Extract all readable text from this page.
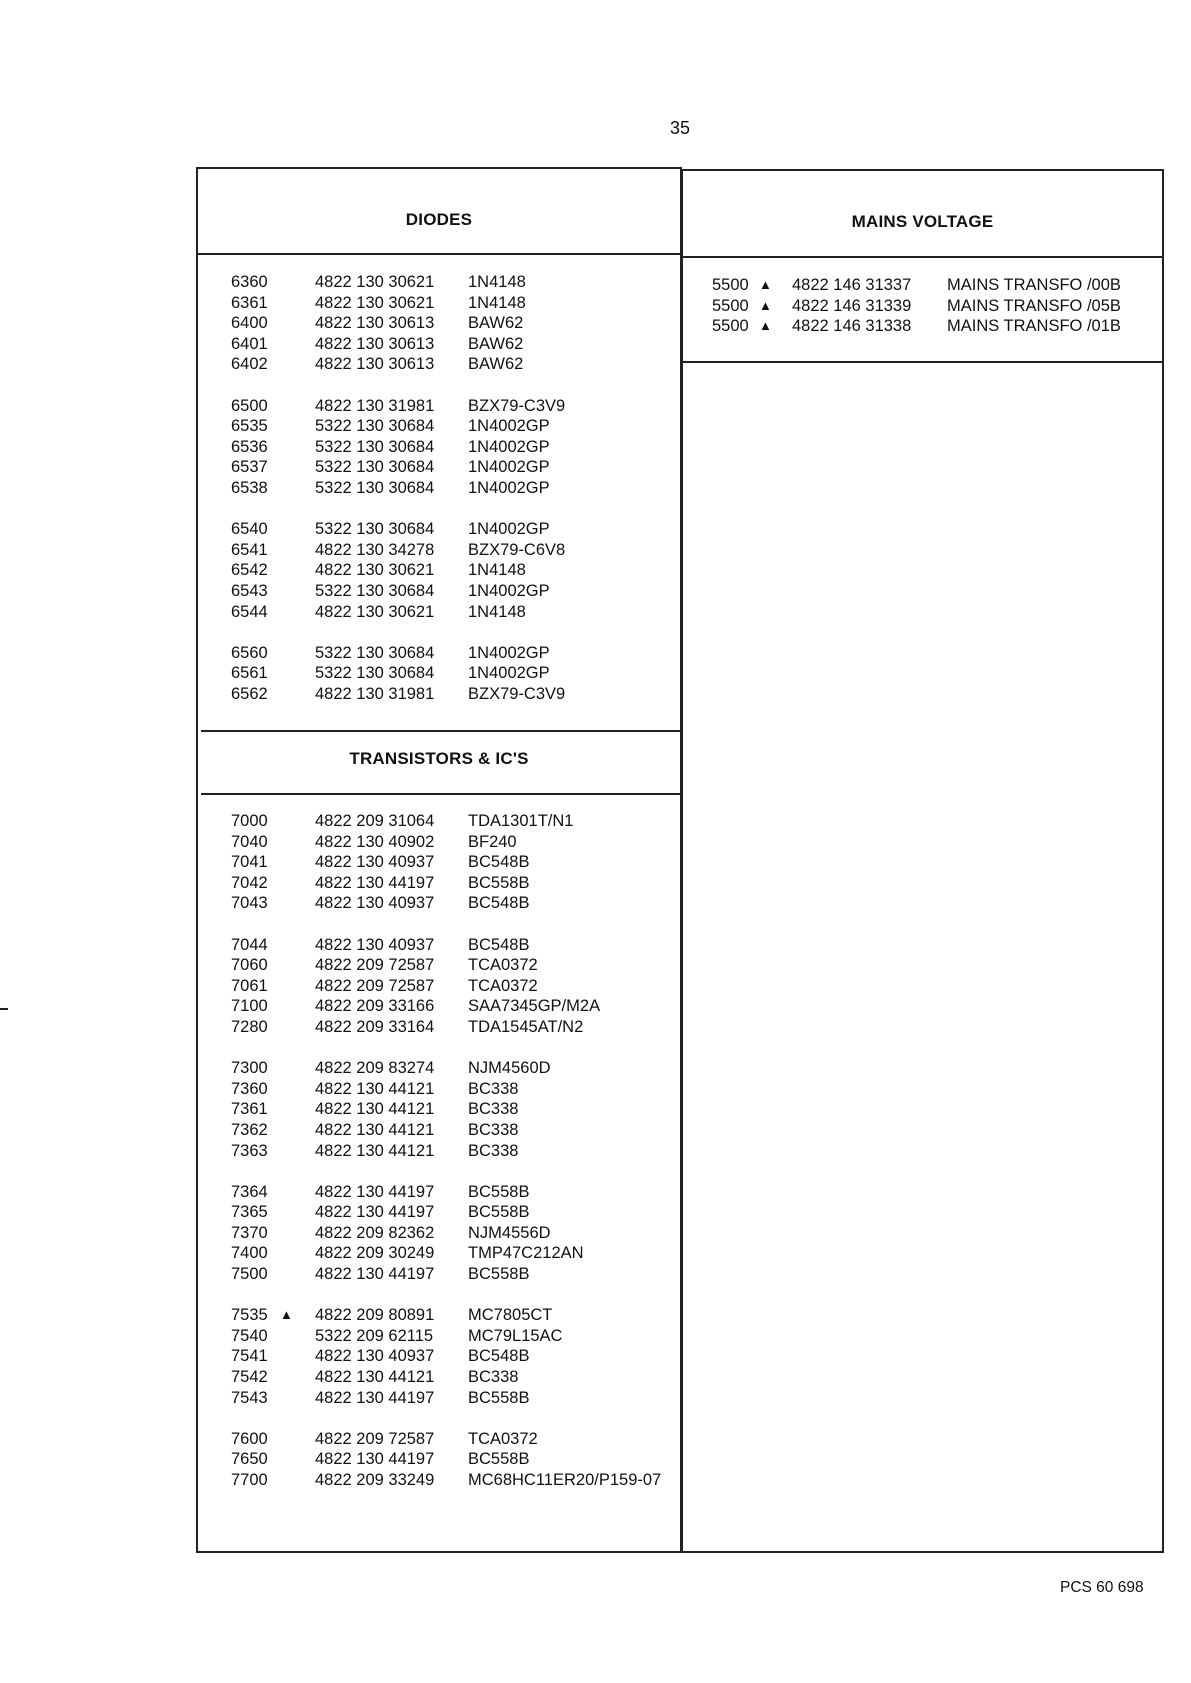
35
DIODES
6360	4822 130 30621 1N4148
6361	4822 130 30621 1N4148
6400	4822 130 30613 BAW62
6401	4822 130 30613 BAW62
6402	4822 130 30613 BAW62
6500	4822 130 31981 BZX79-C3V9
6535	5322 130 30684 1N4002GP
6536	5322 130 30684 1N4002GP
6537	5322 130 30684 1N4002GP
6538	5322 130 30684 1N4002GP
6540	5322 130 30684 1N4002GP
6541	4822 130 34278 BZX79-C6V8
6542	4822 130 30621 1N4148
6543	5322 130 30684 1N4002GP
6544	4822 130 30621 1N4148
6560	5322 130 30684 1N4002GP
6561	5322 130 30684 1N4002GP
6562	4822 130 31981 BZX79-C3V9
TRANSISTORS & IC'S
7000	4822 209 31064 TDA1301T/N1
7040	4822 130 40902 BF240
7041	4822 130 40937 BC548B
7042	4822 130 44197 BC558B
7043	4822 130 40937 BC548B
7044	4822 130 40937 BC548B
7060	4822 209 72587 TCA0372
7061	4822 209 72587 TCA0372
7100	4822 209 33166 SAA7345GP/M2A
7280	4822 209 33164 TDA1545AT/N2
7300	4822 209 83274 NJM4560D
7360	4822 130 44121 BC338
7361	4822 130 44121 BC338
7362	4822 130 44121 BC338
7363	4822 130 44121 BC338
7364	4822 130 44197 BC558B
7365	4822 130 44197 BC558B
7370	4822 209 82362 NJM4556D
7400	4822 209 30249 TMP47C212AN
7500	4822 130 44197 BC558B
7535 ▲ 4822 209 80891 MC7805CT
7540	5322 209 62115 MC79L15AC
7541	4822 130 40937 BC548B
7542	4822 130 44121 BC338
7543	4822 130 44197 BC558B
7600	4822 209 72587 TCA0372
7650	4822 130 44197 BC558B
7700	4822 209 33249 MC68HC11ER20/P159-07
MAINS VOLTAGE
5500 ▲ 4822 146 31337 MAINS TRANSFO /00B
5500 ▲ 4822 146 31339 MAINS TRANSFO /05B
5500 ▲ 4822 146 31338 MAINS TRANSFO /01B
PCS 60 698
